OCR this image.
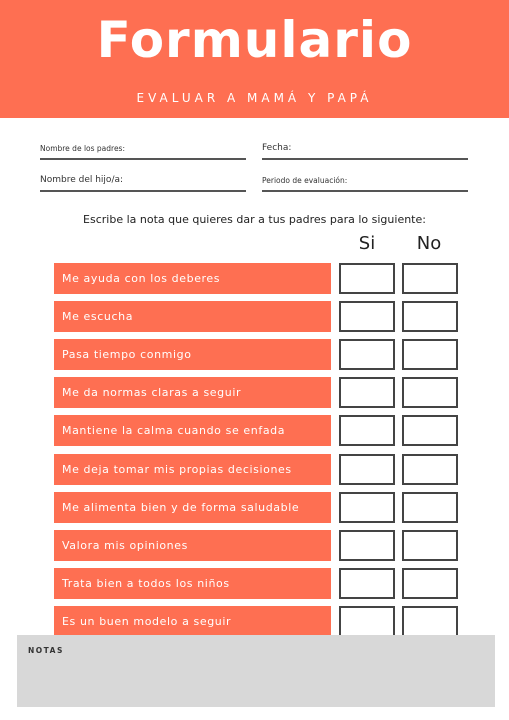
Formulario
EVALUAR A MAMÁ Y PAPÁ
Nombre de los padres:	Fecha:
Nombre del hijo/a:	Periodo de evaluación:
Escribe la nota que quieres dar a tus padres para lo siguiente:
Si	No
Me ayuda con los deberes
Me escucha
Pasa tiempo conmigo
Me da normas claras a seguir
Mantiene la calma cuando se enfada
Me deja tomar mis propias decisiones
Me alimenta bien y de forma saludable
Valora mis opiniones
Trata bien a todos los niños
Es un buen modelo a seguir
NOTAS
